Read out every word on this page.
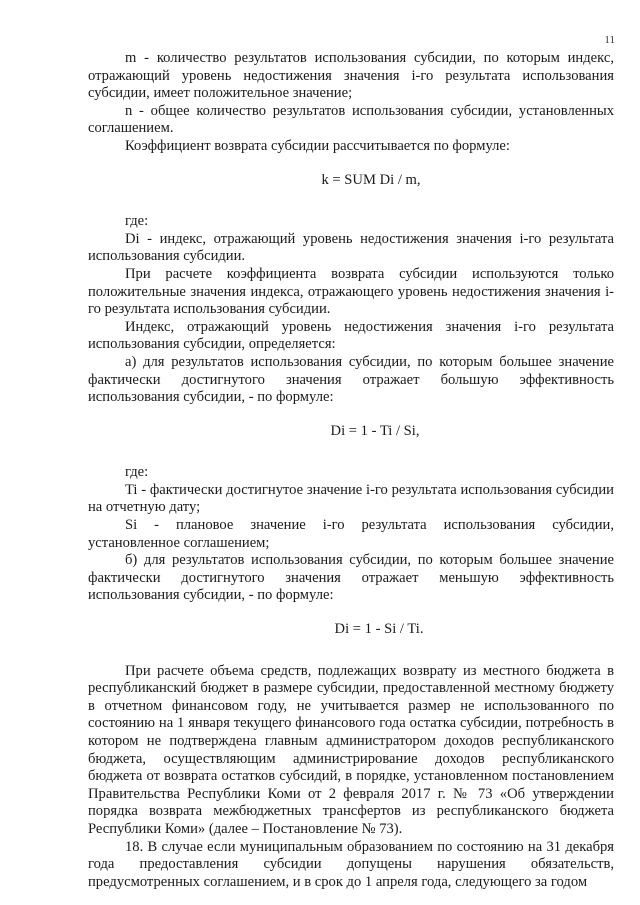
11

m - количество результатов использования субсидии, по которым индекс, отражающий уровень недостижения значения i-го результата использования субсидии, имеет положительное значение;

n - общее количество результатов использования субсидии, установленных соглашением.

Коэффициент возврата субсидии рассчитывается по формуле:

k = SUM Di / m,

где:

Di - индекс, отражающий уровень недостижения значения i-го результата использования субсидии.

При расчете коэффициента возврата субсидии используются только положительные значения индекса, отражающего уровень недостижения значения i-го результата использования субсидии.

Индекс, отражающий уровень недостижения значения i-го результата использования субсидии, определяется:

а) для результатов использования субсидии, по которым большее значение фактически достигнутого значения отражает большую эффективность использования субсидии, - по формуле:

Di = 1 - Ti / Si,

где:

Ti - фактически достигнутое значение i-го результата использования субсидии на отчетную дату;

Si - плановое значение i-го результата использования субсидии, установленное соглашением;

б) для результатов использования субсидии, по которым большее значение фактически достигнутого значения отражает меньшую эффективность использования субсидии, - по формуле:

Di = 1 - Si / Ti.

При расчете объема средств, подлежащих возврату из местного бюджета в республиканский бюджет в размере субсидии, предоставленной местному бюджету в отчетном финансовом году, не учитывается размер не использованного по состоянию на 1 января текущего финансового года остатка субсидии, потребность в котором не подтверждена главным администратором доходов республиканского бюджета, осуществляющим администрирование доходов республиканского бюджета от возврата остатков субсидий, в порядке, установленном постановлением Правительства Республики Коми от 2 февраля 2017 г. № 73 «Об утверждении порядка возврата межбюджетных трансфертов из республиканского бюджета Республики Коми» (далее – Постановление № 73).

18. В случае если муниципальным образованием по состоянию на 31 декабря года предоставления субсидии допущены нарушения обязательств, предусмотренных соглашением, и в срок до 1 апреля года, следующего за годом
